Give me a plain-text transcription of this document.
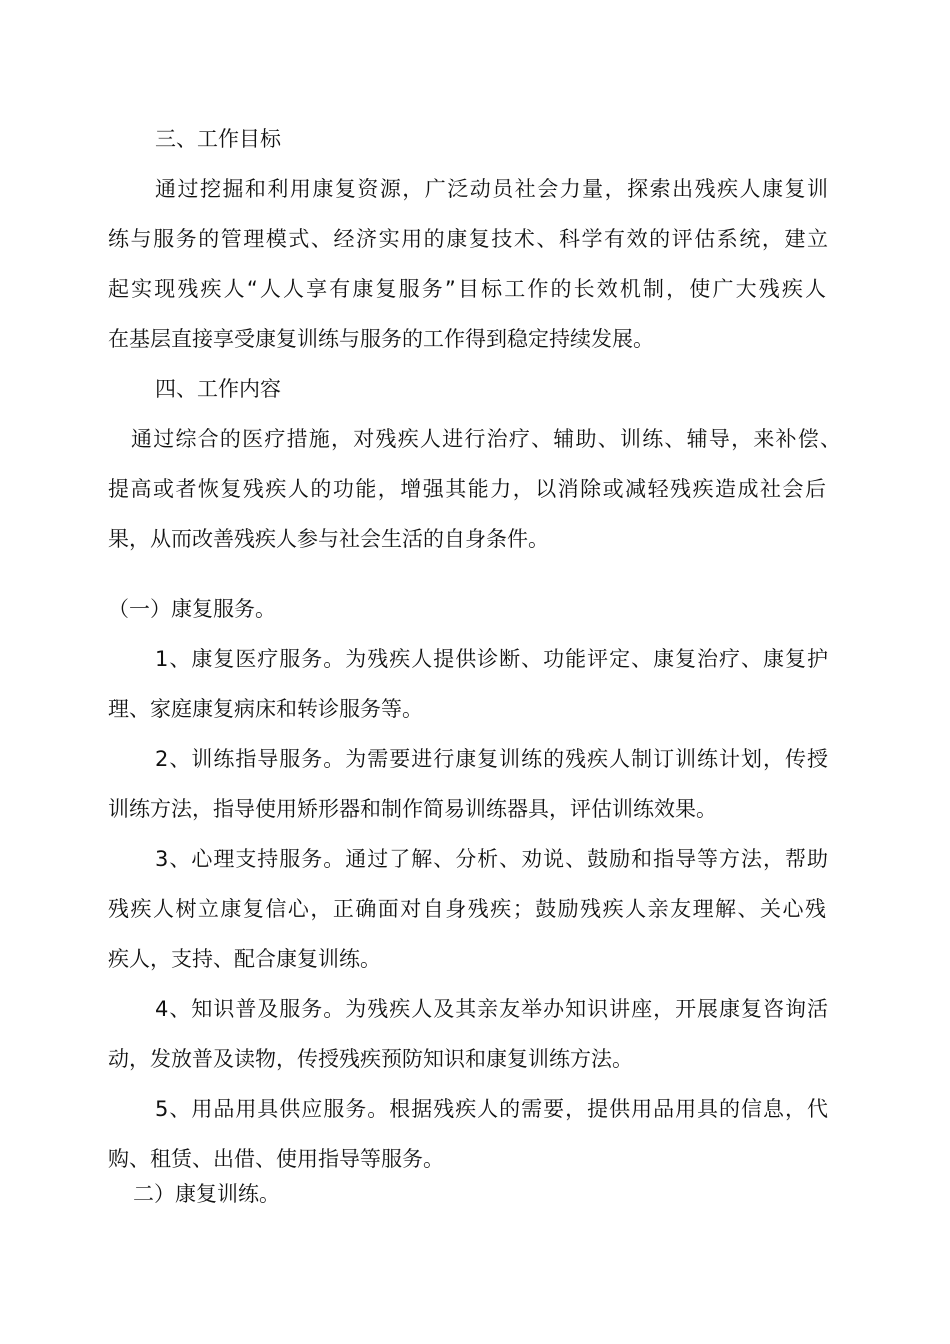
三、工作目标

通过挖掘和利用康复资源，广泛动员社会力量，探索出残疾人康复训

练与服务的管理模式、经济实用的康复技术、科学有效的评估系统，建立

起实现残疾人“人人享有康复服务”目标工作的长效机制，使广大残疾人

在基层直接享受康复训练与服务的工作得到稳定持续发展。

四、工作内容

通过综合的医疗措施，对残疾人进行治疗、辅助、训练、辅导，来补偿、

提高或者恢复残疾人的功能，增强其能力，以消除或减轻残疾造成社会后

果，从而改善残疾人参与社会生活的自身条件。

（一）康复服务。

1、康复医疗服务。为残疾人提供诊断、功能评定、康复治疗、康复护

理、家庭康复病床和转诊服务等。

2、训练指导服务。为需要进行康复训练的残疾人制订训练计划，传授

训练方法，指导使用矫形器和制作简易训练器具，评估训练效果。

3、心理支持服务。通过了解、分析、劝说、鼓励和指导等方法，帮助

残疾人树立康复信心，正确面对自身残疾；鼓励残疾人亲友理解、关心残

疾人，支持、配合康复训练。

4、知识普及服务。为残疾人及其亲友举办知识讲座，开展康复咨询活

动，发放普及读物，传授残疾预防知识和康复训练方法。

5、用品用具供应服务。根据残疾人的需要，提供用品用具的信息，代

购、租赁、出借、使用指导等服务。

二）康复训练。
